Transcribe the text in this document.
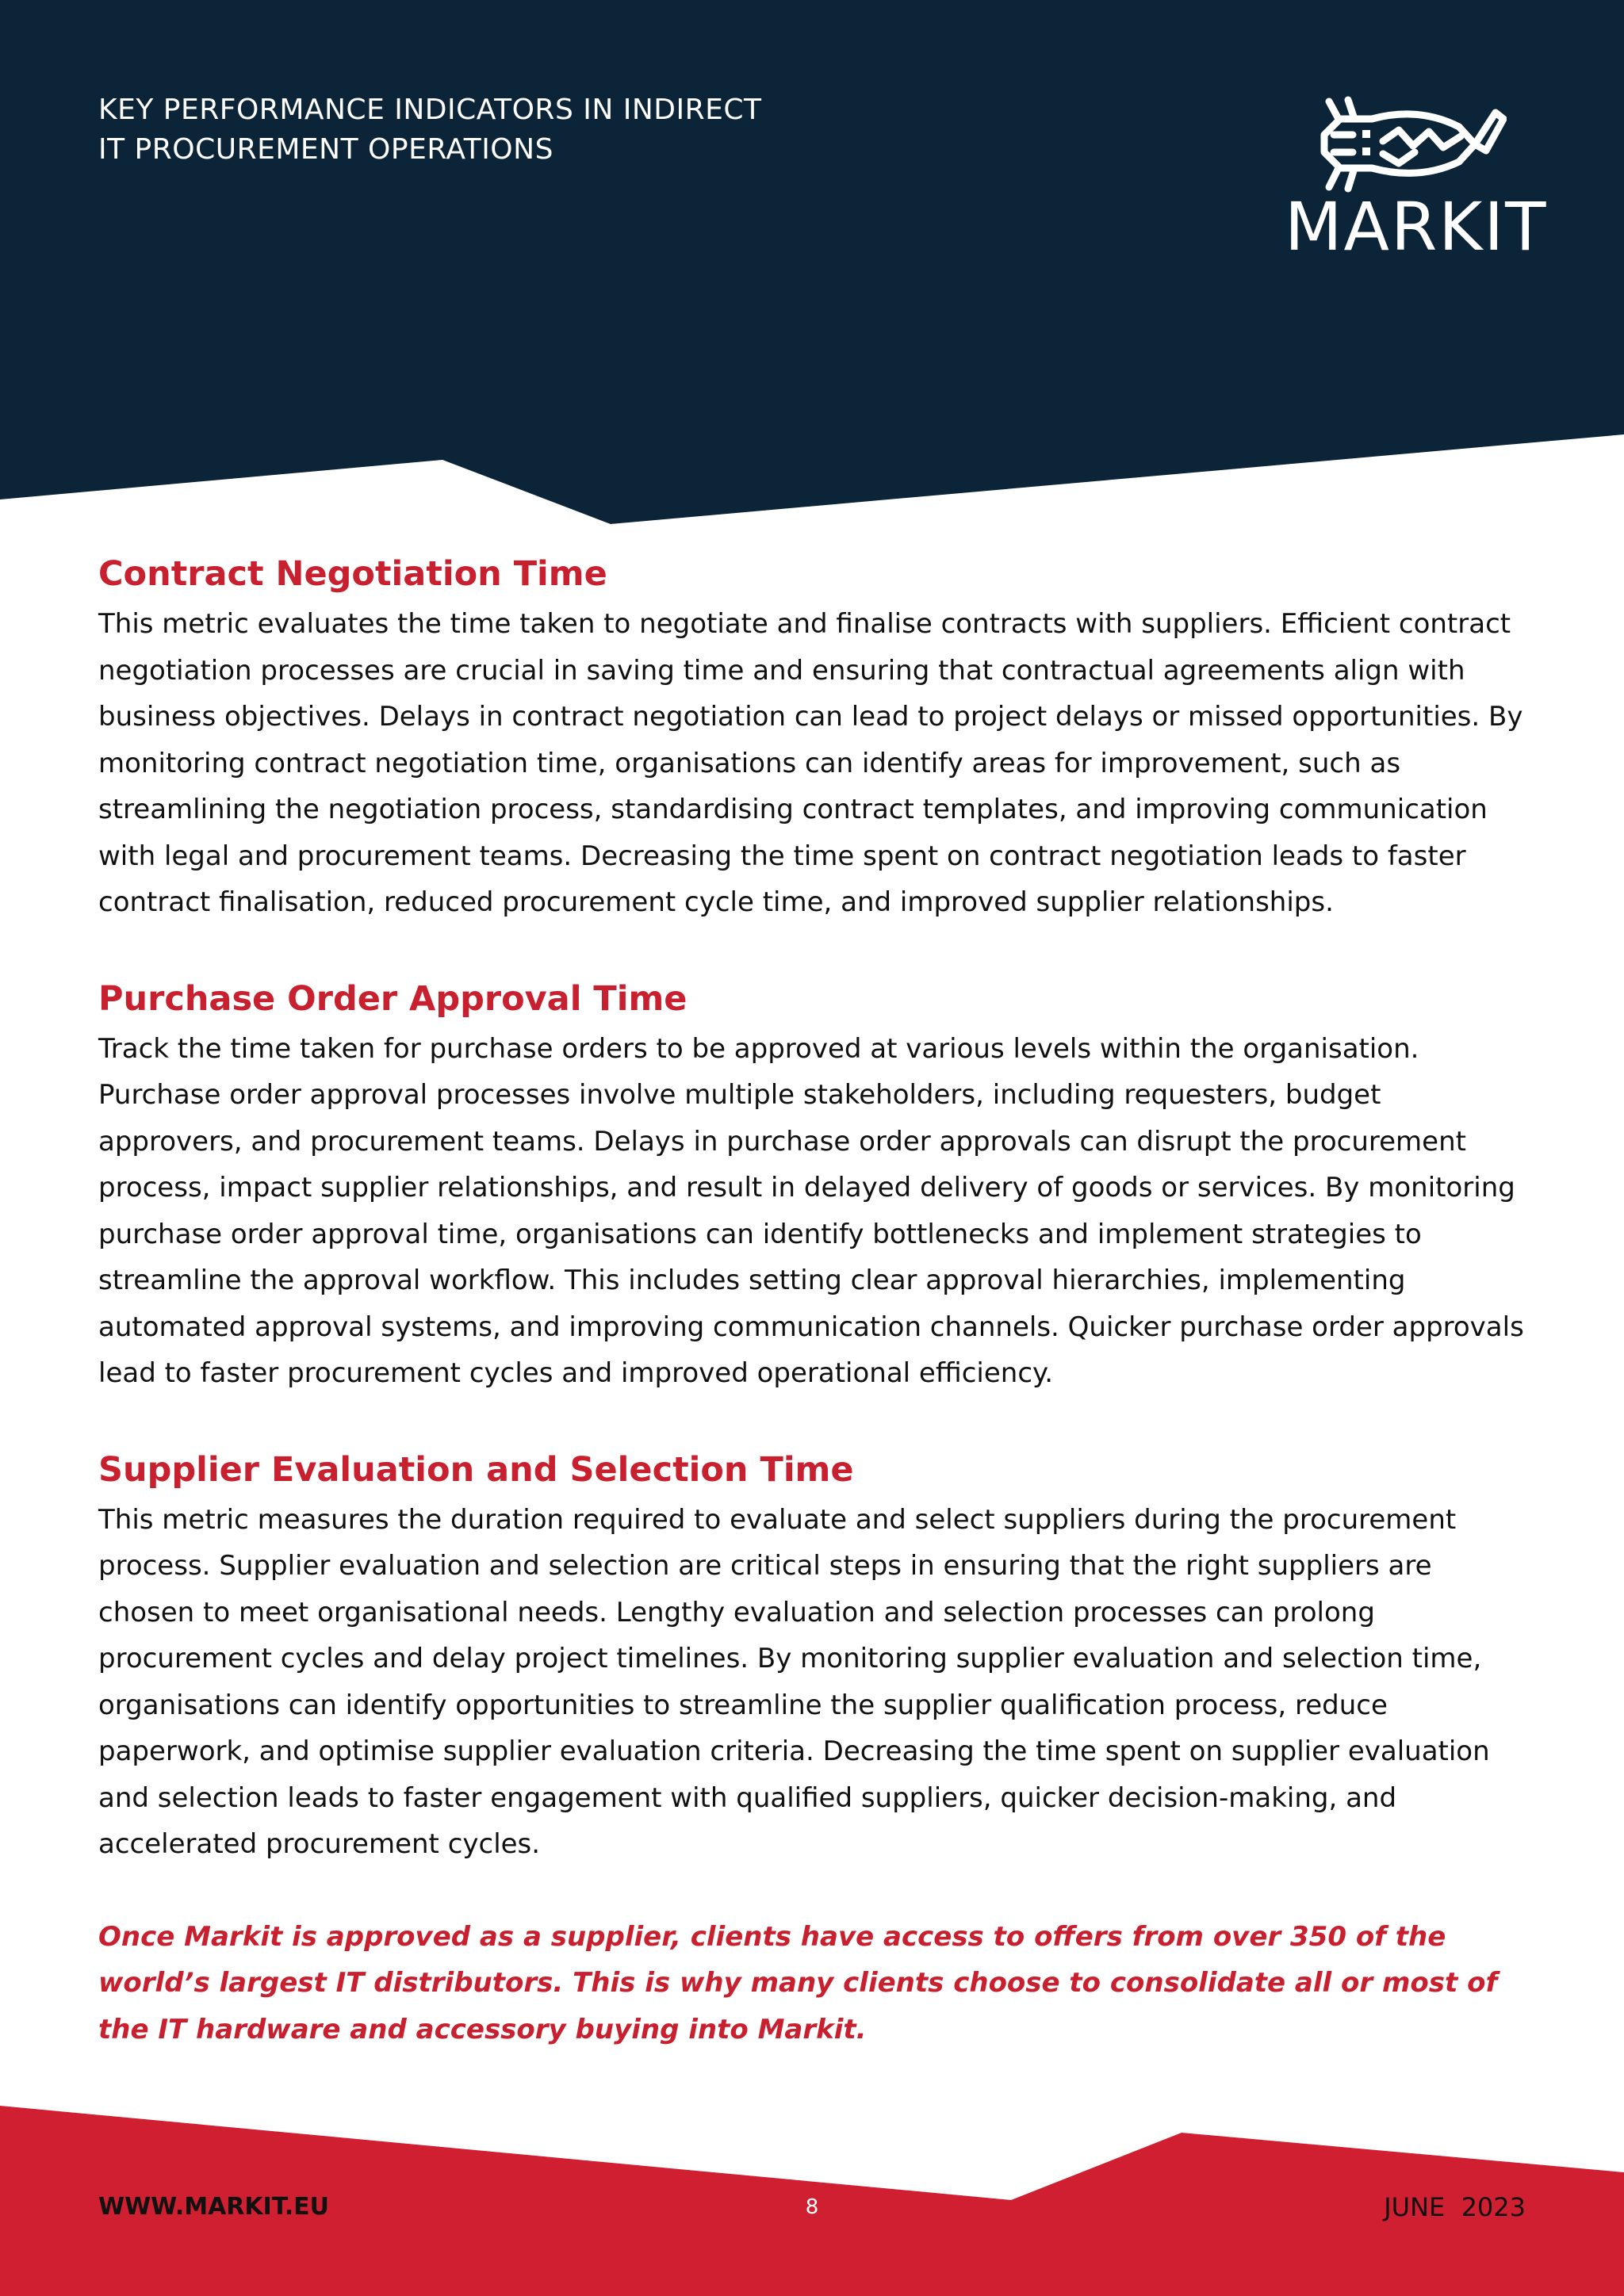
KEY PERFORMANCE INDICATORS IN INDIRECT
IT PROCUREMENT OPERATIONS
MARKIT
Contract Negotiation Time

This metric evaluates the time taken to negotiate and finalise contracts with suppliers. Efficient contract negotiation processes are crucial in saving time and ensuring that contractual agreements align with business objectives. Delays in contract negotiation can lead to project delays or missed opportunities. By monitoring contract negotiation time, organisations can identify areas for improvement, such as streamlining the negotiation process, standardising contract templates, and improving communication with legal and procurement teams. Decreasing the time spent on contract negotiation leads to faster contract finalisation, reduced procurement cycle time, and improved supplier relationships.

Purchase Order Approval Time

Track the time taken for purchase orders to be approved at various levels within the organisation. Purchase order approval processes involve multiple stakeholders, including requesters, budget approvers, and procurement teams. Delays in purchase order approvals can disrupt the procurement process, impact supplier relationships, and result in delayed delivery of goods or services. By monitoring purchase order approval time, organisations can identify bottlenecks and implement strategies to streamline the approval workflow. This includes setting clear approval hierarchies, implementing automated approval systems, and improving communication channels. Quicker purchase order approvals lead to faster procurement cycles and improved operational efficiency.

Supplier Evaluation and Selection Time

This metric measures the duration required to evaluate and select suppliers during the procurement process. Supplier evaluation and selection are critical steps in ensuring that the right suppliers are chosen to meet organisational needs. Lengthy evaluation and selection processes can prolong procurement cycles and delay project timelines. By monitoring supplier evaluation and selection time, organisations can identify opportunities to streamline the supplier qualification process, reduce paperwork, and optimise supplier evaluation criteria. Decreasing the time spent on supplier evaluation and selection leads to faster engagement with qualified suppliers, quicker decision-making, and accelerated procurement cycles.

Once Markit is approved as a supplier, clients have access to offers from over 350 of the world’s largest IT distributors. This is why many clients choose to consolidate all or most of the IT hardware and accessory buying into Markit.

WWW.MARKIT.EU	8	JUNE  2023
